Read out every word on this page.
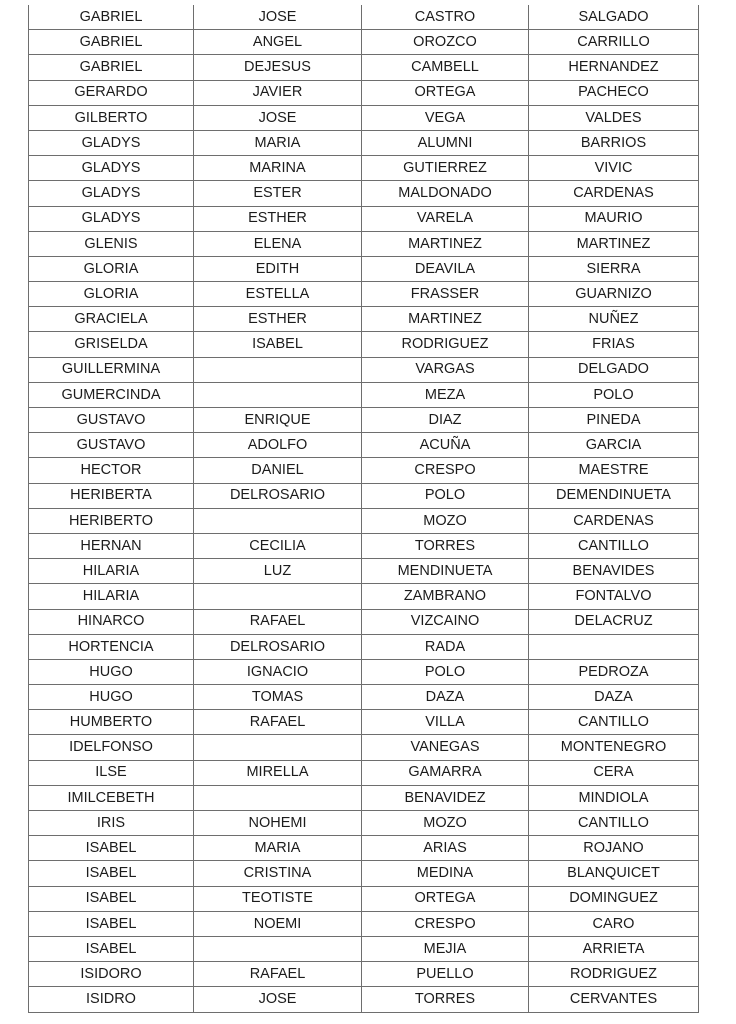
GABRIEL	JOSE	CASTRO	SALGADO
GABRIEL	ANGEL	OROZCO	CARRILLO
GABRIEL	DEJESUS	CAMBELL	HERNANDEZ
GERARDO	JAVIER	ORTEGA	PACHECO
GILBERTO	JOSE	VEGA	VALDES
GLADYS	MARIA	ALUMNI	BARRIOS
GLADYS	MARINA	GUTIERREZ	VIVIC
GLADYS	ESTER	MALDONADO	CARDENAS
GLADYS	ESTHER	VARELA	MAURIO
GLENIS	ELENA	MARTINEZ	MARTINEZ
GLORIA	EDITH	DEAVILA	SIERRA
GLORIA	ESTELLA	FRASSER	GUARNIZO
GRACIELA	ESTHER	MARTINEZ	NUÑEZ
GRISELDA	ISABEL	RODRIGUEZ	FRIAS
GUILLERMINA		VARGAS	DELGADO
GUMERCINDA		MEZA	POLO
GUSTAVO	ENRIQUE	DIAZ	PINEDA
GUSTAVO	ADOLFO	ACUÑA	GARCIA
HECTOR	DANIEL	CRESPO	MAESTRE
HERIBERTA	DELROSARIO	POLO	DEMENDINUETA
HERIBERTO		MOZO	CARDENAS
HERNAN	CECILIA	TORRES	CANTILLO
HILARIA	LUZ	MENDINUETA	BENAVIDES
HILARIA		ZAMBRANO	FONTALVO
HINARCO	RAFAEL	VIZCAINO	DELACRUZ
HORTENCIA	DELROSARIO	RADA	
HUGO	IGNACIO	POLO	PEDROZA
HUGO	TOMAS	DAZA	DAZA
HUMBERTO	RAFAEL	VILLA	CANTILLO
IDELFONSO		VANEGAS	MONTENEGRO
ILSE	MIRELLA	GAMARRA	CERA
IMILCEBETH		BENAVIDEZ	MINDIOLA
IRIS	NOHEMI	MOZO	CANTILLO
ISABEL	MARIA	ARIAS	ROJANO
ISABEL	CRISTINA	MEDINA	BLANQUICET
ISABEL	TEOTISTE	ORTEGA	DOMINGUEZ
ISABEL	NOEMI	CRESPO	CARO
ISABEL		MEJIA	ARRIETA
ISIDORO	RAFAEL	PUELLO	RODRIGUEZ
ISIDRO	JOSE	TORRES	CERVANTES
